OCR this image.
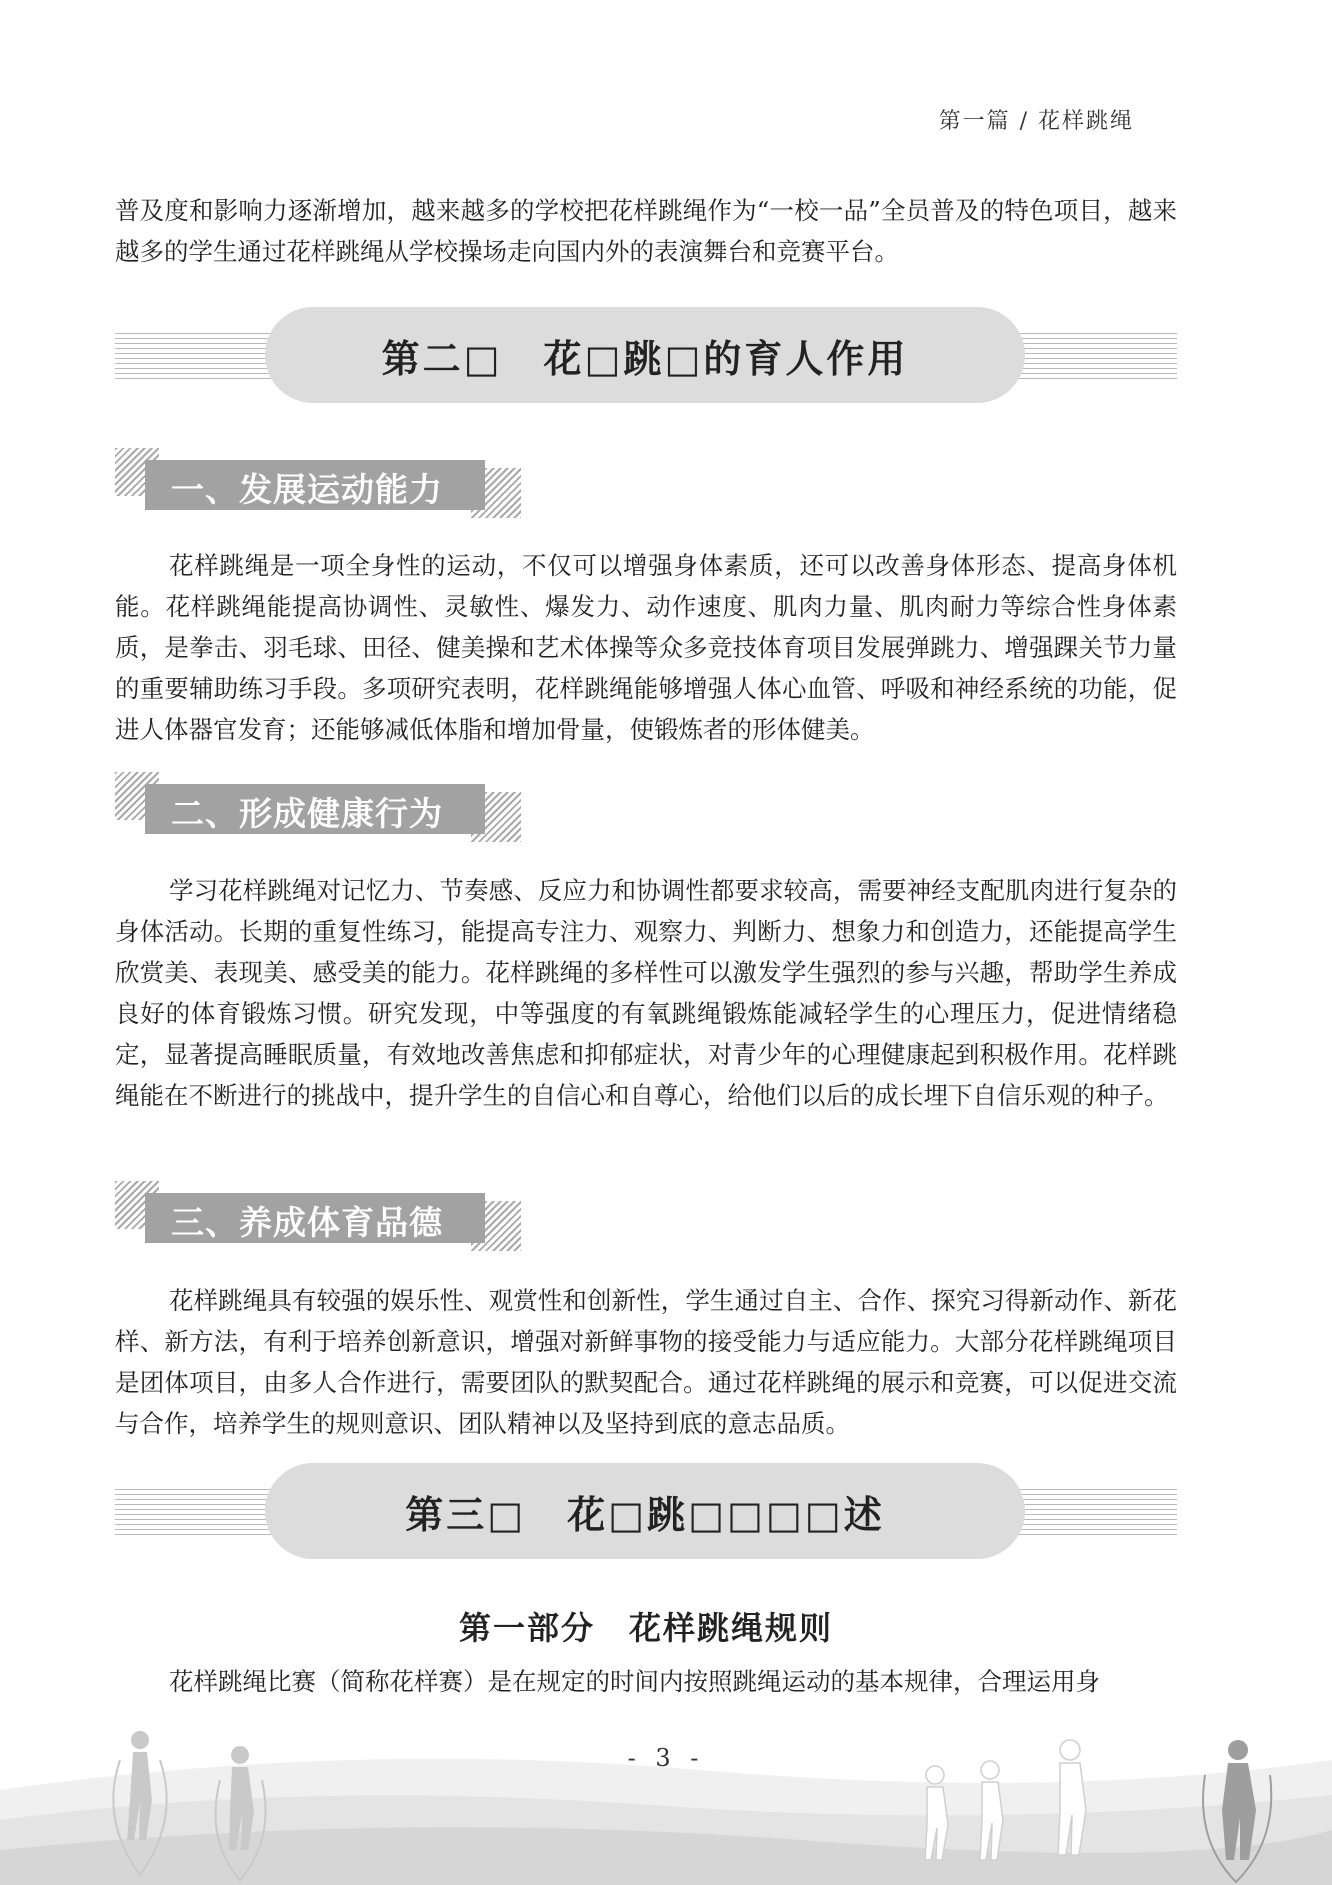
第一篇 / 花样跳绳

普及度和影响力逐渐增加，越来越多的学校把花样跳绳作为“一校一品”全员普及的特色项目，越来越多的学生通过花样跳绳从学校操场走向国内外的表演舞台和竞赛平台。

第二□　花□跳□的育人作用
一、发展运动能力

花样跳绳是一项全身性的运动，不仅可以增强身体素质，还可以改善身体形态、提高身体机能。花样跳绳能提高协调性、灵敏性、爆发力、动作速度、肌肉力量、肌肉耐力等综合性身体素质，是拳击、羽毛球、田径、健美操和艺术体操等众多竞技体育项目发展弹跳力、增强踝关节力量的重要辅助练习手段。多项研究表明，花样跳绳能够增强人体心血管、呼吸和神经系统的功能，促进人体器官发育；还能够减低体脂和增加骨量，使锻炼者的形体健美。

二、形成健康行为

学习花样跳绳对记忆力、节奏感、反应力和协调性都要求较高，需要神经支配肌肉进行复杂的身体活动。长期的重复性练习，能提高专注力、观察力、判断力、想象力和创造力，还能提高学生欣赏美、表现美、感受美的能力。花样跳绳的多样性可以激发学生强烈的参与兴趣，帮助学生养成良好的体育锻炼习惯。研究发现，中等强度的有氧跳绳锻炼能减轻学生的心理压力，促进情绪稳定，显著提高睡眠质量，有效地改善焦虑和抑郁症状，对青少年的心理健康起到积极作用。花样跳绳能在不断进行的挑战中，提升学生的自信心和自尊心，给他们以后的成长埋下自信乐观的种子。

三、养成体育品德

花样跳绳具有较强的娱乐性、观赏性和创新性，学生通过自主、合作、探究习得新动作、新花样、新方法，有利于培养创新意识，增强对新鲜事物的接受能力与适应能力。大部分花样跳绳项目是团体项目，由多人合作进行，需要团队的默契配合。通过花样跳绳的展示和竞赛，可以促进交流与合作，培养学生的规则意识、团队精神以及坚持到底的意志品质。

第三□　花□跳□□□□述
第一部分　花样跳绳规则

花样跳绳比赛（简称花样赛）是在规定的时间内按照跳绳运动的基本规律，合理运用身

- 3 -
